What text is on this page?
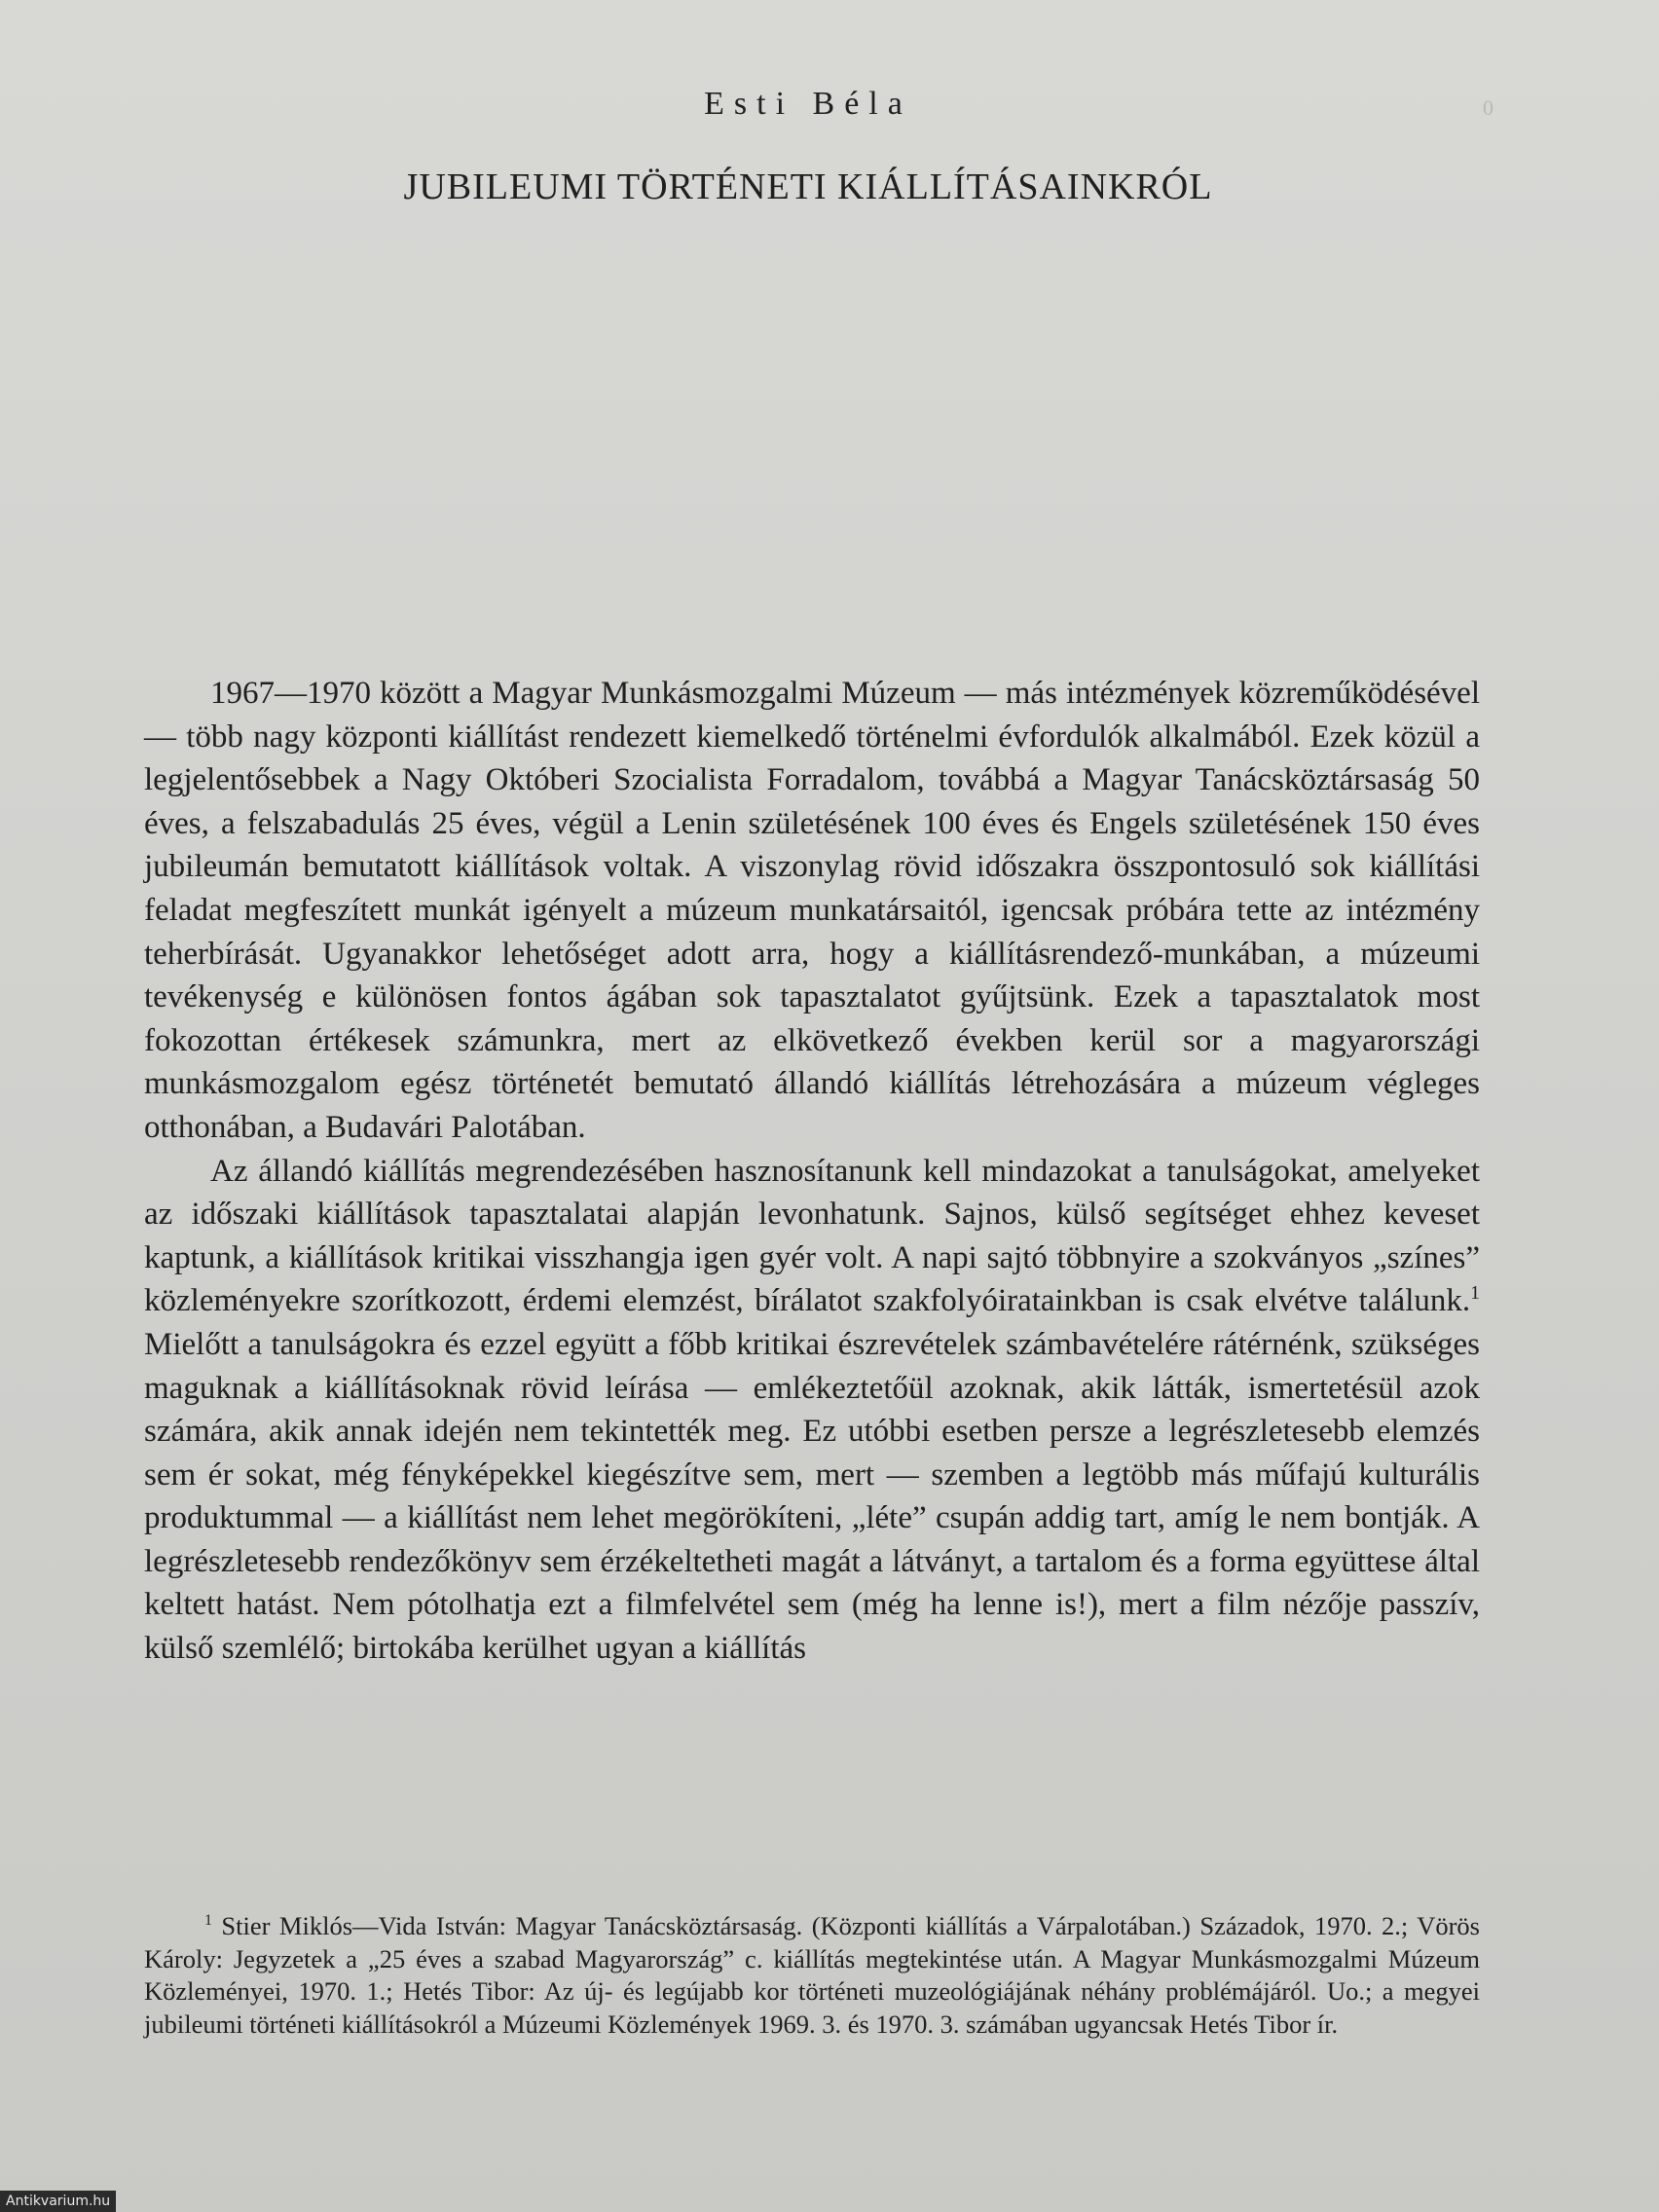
0
Esti Béla
JUBILEUMI TÖRTÉNETI KIÁLLÍTÁSAINKRÓL

1967—1970 között a Magyar Munkásmozgalmi Múzeum — más intézmények közreműködésével — több nagy központi kiállítást rendezett kiemelkedő történelmi évfordulók alkalmából. Ezek közül a legjelentősebbek a Nagy Októberi Szocialista Forradalom, továbbá a Magyar Tanácsköztársaság 50 éves, a felszabadulás 25 éves, végül a Lenin születésének 100 éves és Engels születésének 150 éves jubileumán bemutatott kiállítások voltak. A viszonylag rövid időszakra összpontosuló sok kiállítási feladat megfeszített munkát igényelt a múzeum munkatársaitól, igencsak próbára tette az intézmény teherbírását. Ugyanakkor lehetőséget adott arra, hogy a kiállításrendező-munkában, a múzeumi tevékenység e különösen fontos ágában sok tapasztalatot gyűjtsünk. Ezek a tapasztalatok most fokozottan értékesek számunkra, mert az elkövetkező években kerül sor a magyarországi munkásmozgalom egész történetét bemutató állandó kiállítás létrehozására a múzeum végleges otthonában, a Budavári Palotában.

Az állandó kiállítás megrendezésében hasznosítanunk kell mindazokat a tanulságokat, amelyeket az időszaki kiállítások tapasztalatai alapján levonhatunk. Sajnos, külső segítséget ehhez keveset kaptunk, a kiállítások kritikai visszhangja igen gyér volt. A napi sajtó többnyire a szokványos „színes” közleményekre szorítkozott, érdemi elemzést, bírálatot szakfolyóiratainkban is csak elvétve találunk.$^1$ Mielőtt a tanulságokra és ezzel együtt a főbb kritikai észrevételek számbavételére rátérnénk, szükséges maguknak a kiállításoknak rövid leírása — emlékeztetőül azoknak, akik látták, ismertetésül azok számára, akik annak idején nem tekintették meg. Ez utóbbi esetben persze a legrészletesebb elemzés sem ér sokat, még fényképekkel kiegészítve sem, mert — szemben a legtöbb más műfajú kulturális produktummal — a kiállítást nem lehet megörökíteni, „léte” csupán addig tart, amíg le nem bontják. A legrészletesebb rendezőkönyv sem érzékeltetheti magát a látványt, a tartalom és a forma együttese által keltett hatást. Nem pótolhatja ezt a filmfelvétel sem (még ha lenne is!), mert a film nézője passzív, külső szemlélő; birtokába kerülhet ugyan a kiállítás

$^1$ Stier Miklós—Vida István: Magyar Tanácsköztársaság. (Központi kiállítás a Várpalotában.) Századok, 1970. 2.; Vörös Károly: Jegyzetek a „25 éves a szabad Magyarország” c. kiállítás megtekintése után. A Magyar Munkásmozgalmi Múzeum Közleményei, 1970. 1.; Hetés Tibor: Az új- és legújabb kor történeti muzeológiájának néhány problémájáról. Uo.; a megyei jubileumi történeti kiállításokról a Múzeumi Közlemények 1969. 3. és 1970. 3. számában ugyancsak Hetés Tibor ír.

Antikvarium.hu
